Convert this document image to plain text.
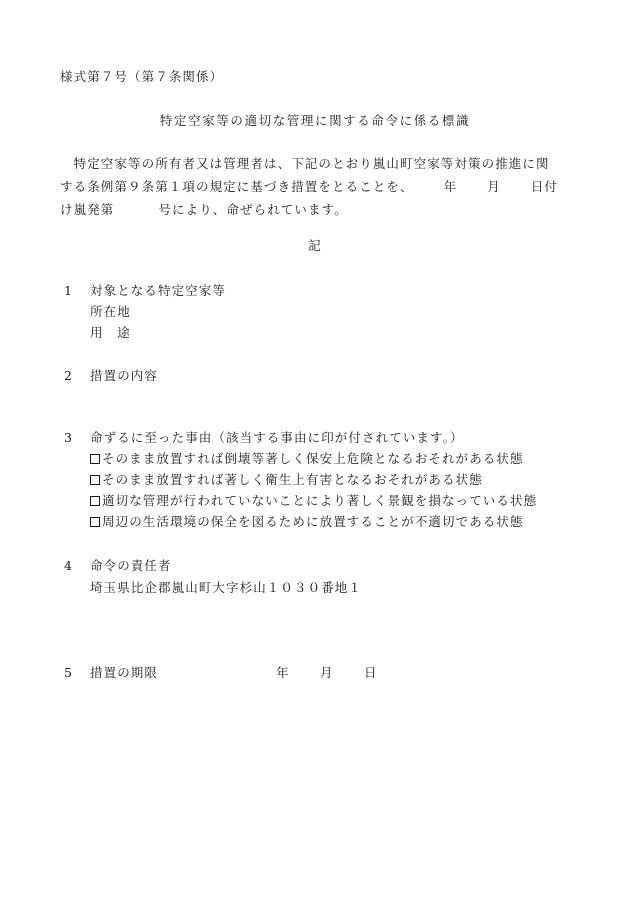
様式第７号（第７条関係）
特定空家等の適切な管理に関する命令に係る標識
　特定空家等の所有者又は管理者は、下記のとおり嵐山町空家等対策の推進に関
する条例第９条第１項の規定に基づき措置をとることを、 年 月 日付
け嵐発第	号により、命ぜられています。
記
1 対象となる特定空家等
所在地
用　途
2 措置の内容
3 命ずるに至った事由（該当する事由に印が付されています。）
そのまま放置すれば倒壊等著しく保安上危険となるおそれがある状態
そのまま放置すれば著しく衛生上有害となるおそれがある状態
適切な管理が行われていないことにより著しく景観を損なっている状態
周辺の生活環境の保全を図るために放置することが不適切である状態
4 命令の責任者
埼玉県比企郡嵐山町大字杉山１０３０番地１
5 措置の期限	年 月 日
